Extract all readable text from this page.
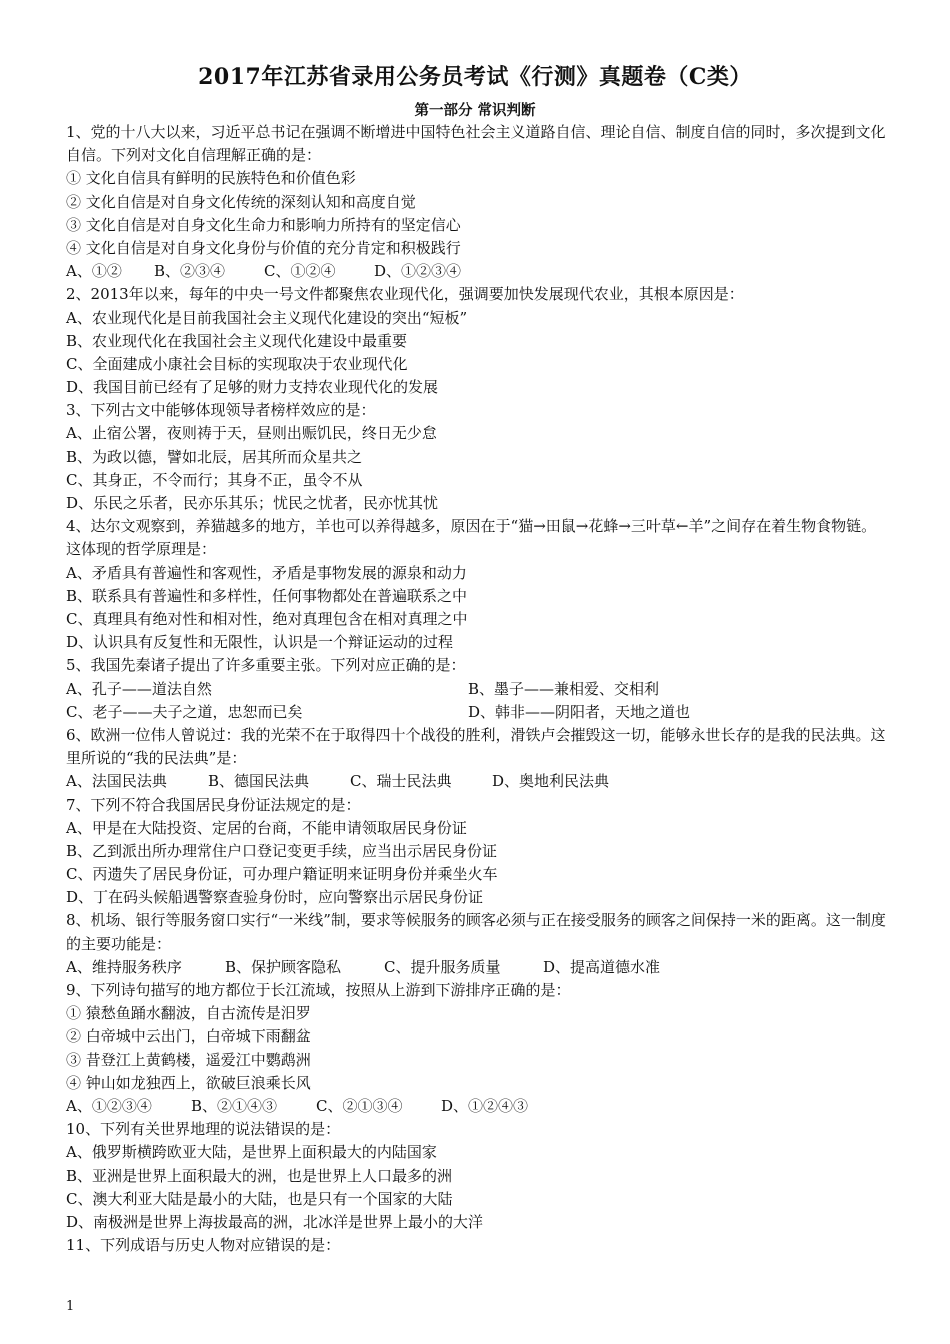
2017年江苏省录用公务员考试《行测》真题卷（C类）
第一部分 常识判断
1、党的十八大以来，习近平总书记在强调不断增进中国特色社会主义道路自信、理论自信、制度自信的同时，多次提到文化自信。下列对文化自信理解正确的是：
① 文化自信具有鲜明的民族特色和价值色彩
② 文化自信是对自身文化传统的深刻认知和高度自觉
③ 文化自信是对自身文化生命力和影响力所持有的坚定信心
④ 文化自信是对自身文化身份与价值的充分肯定和积极践行
A、①② B、②③④	C、①②④	D、①②③④
2、2013年以来，每年的中央一号文件都聚焦农业现代化，强调要加快发展现代农业，其根本原因是：
A、农业现代化是目前我国社会主义现代化建设的突出“短板”
B、农业现代化在我国社会主义现代化建设中最重要
C、全面建成小康社会目标的实现取决于农业现代化
D、我国目前已经有了足够的财力支持农业现代化的发展
3、下列古文中能够体现领导者榜样效应的是：
A、止宿公署，夜则祷于天，昼则出赈饥民，终日无少怠
B、为政以德，譬如北辰，居其所而众星共之
C、其身正，不令而行；其身不正，虽令不从
D、乐民之乐者，民亦乐其乐；忧民之忧者，民亦忧其忧
4、达尔文观察到，养猫越多的地方，羊也可以养得越多，原因在于“猫→田鼠→花蜂→三叶草←羊”之间存在着生物食物链。这体现的哲学原理是：
A、矛盾具有普遍性和客观性，矛盾是事物发展的源泉和动力
B、联系具有普遍性和多样性，任何事物都处在普遍联系之中
C、真理具有绝对性和相对性，绝对真理包含在相对真理之中
D、认识具有反复性和无限性，认识是一个辩证运动的过程
5、我国先秦诸子提出了许多重要主张。下列对应正确的是：
A、孔子——道法自然	B、墨子——兼相爱、交相利
C、老子——夫子之道，忠恕而已矣	D、韩非——阴阳者，天地之道也
6、欧洲一位伟人曾说过：我的光荣不在于取得四十个战役的胜利，滑铁卢会摧毁这一切，能够永世长存的是我的民法典。这里所说的“我的民法典”是：
A、法国民法典	B、德国民法典	C、瑞士民法典	D、奥地利民法典
7、下列不符合我国居民身份证法规定的是：
A、甲是在大陆投资、定居的台商，不能申请领取居民身份证
B、乙到派出所办理常住户口登记变更手续，应当出示居民身份证
C、丙遗失了居民身份证，可办理户籍证明来证明身份并乘坐火车
D、丁在码头候船遇警察查验身份时，应向警察出示居民身份证
8、机场、银行等服务窗口实行“一米线”制，要求等候服务的顾客必须与正在接受服务的顾客之间保持一米的距离。这一制度的主要功能是：
A、维持服务秩序	B、保护顾客隐私	C、提升服务质量	D、提高道德水准
9、下列诗句描写的地方都位于长江流域，按照从上游到下游排序正确的是：
① 猿愁鱼踊水翻波，自古流传是汨罗
② 白帝城中云出门，白帝城下雨翻盆
③ 昔登江上黄鹤楼，遥爱江中鹦鹉洲
④ 钟山如龙独西上，欲破巨浪乘长风
A、①②③④	B、②①④③	C、②①③④	D、①②④③
10、下列有关世界地理的说法错误的是：
A、俄罗斯横跨欧亚大陆，是世界上面积最大的内陆国家
B、亚洲是世界上面积最大的洲，也是世界上人口最多的洲
C、澳大利亚大陆是最小的大陆，也是只有一个国家的大陆
D、南极洲是世界上海拔最高的洲，北冰洋是世界上最小的大洋
11、下列成语与历史人物对应错误的是：
1
